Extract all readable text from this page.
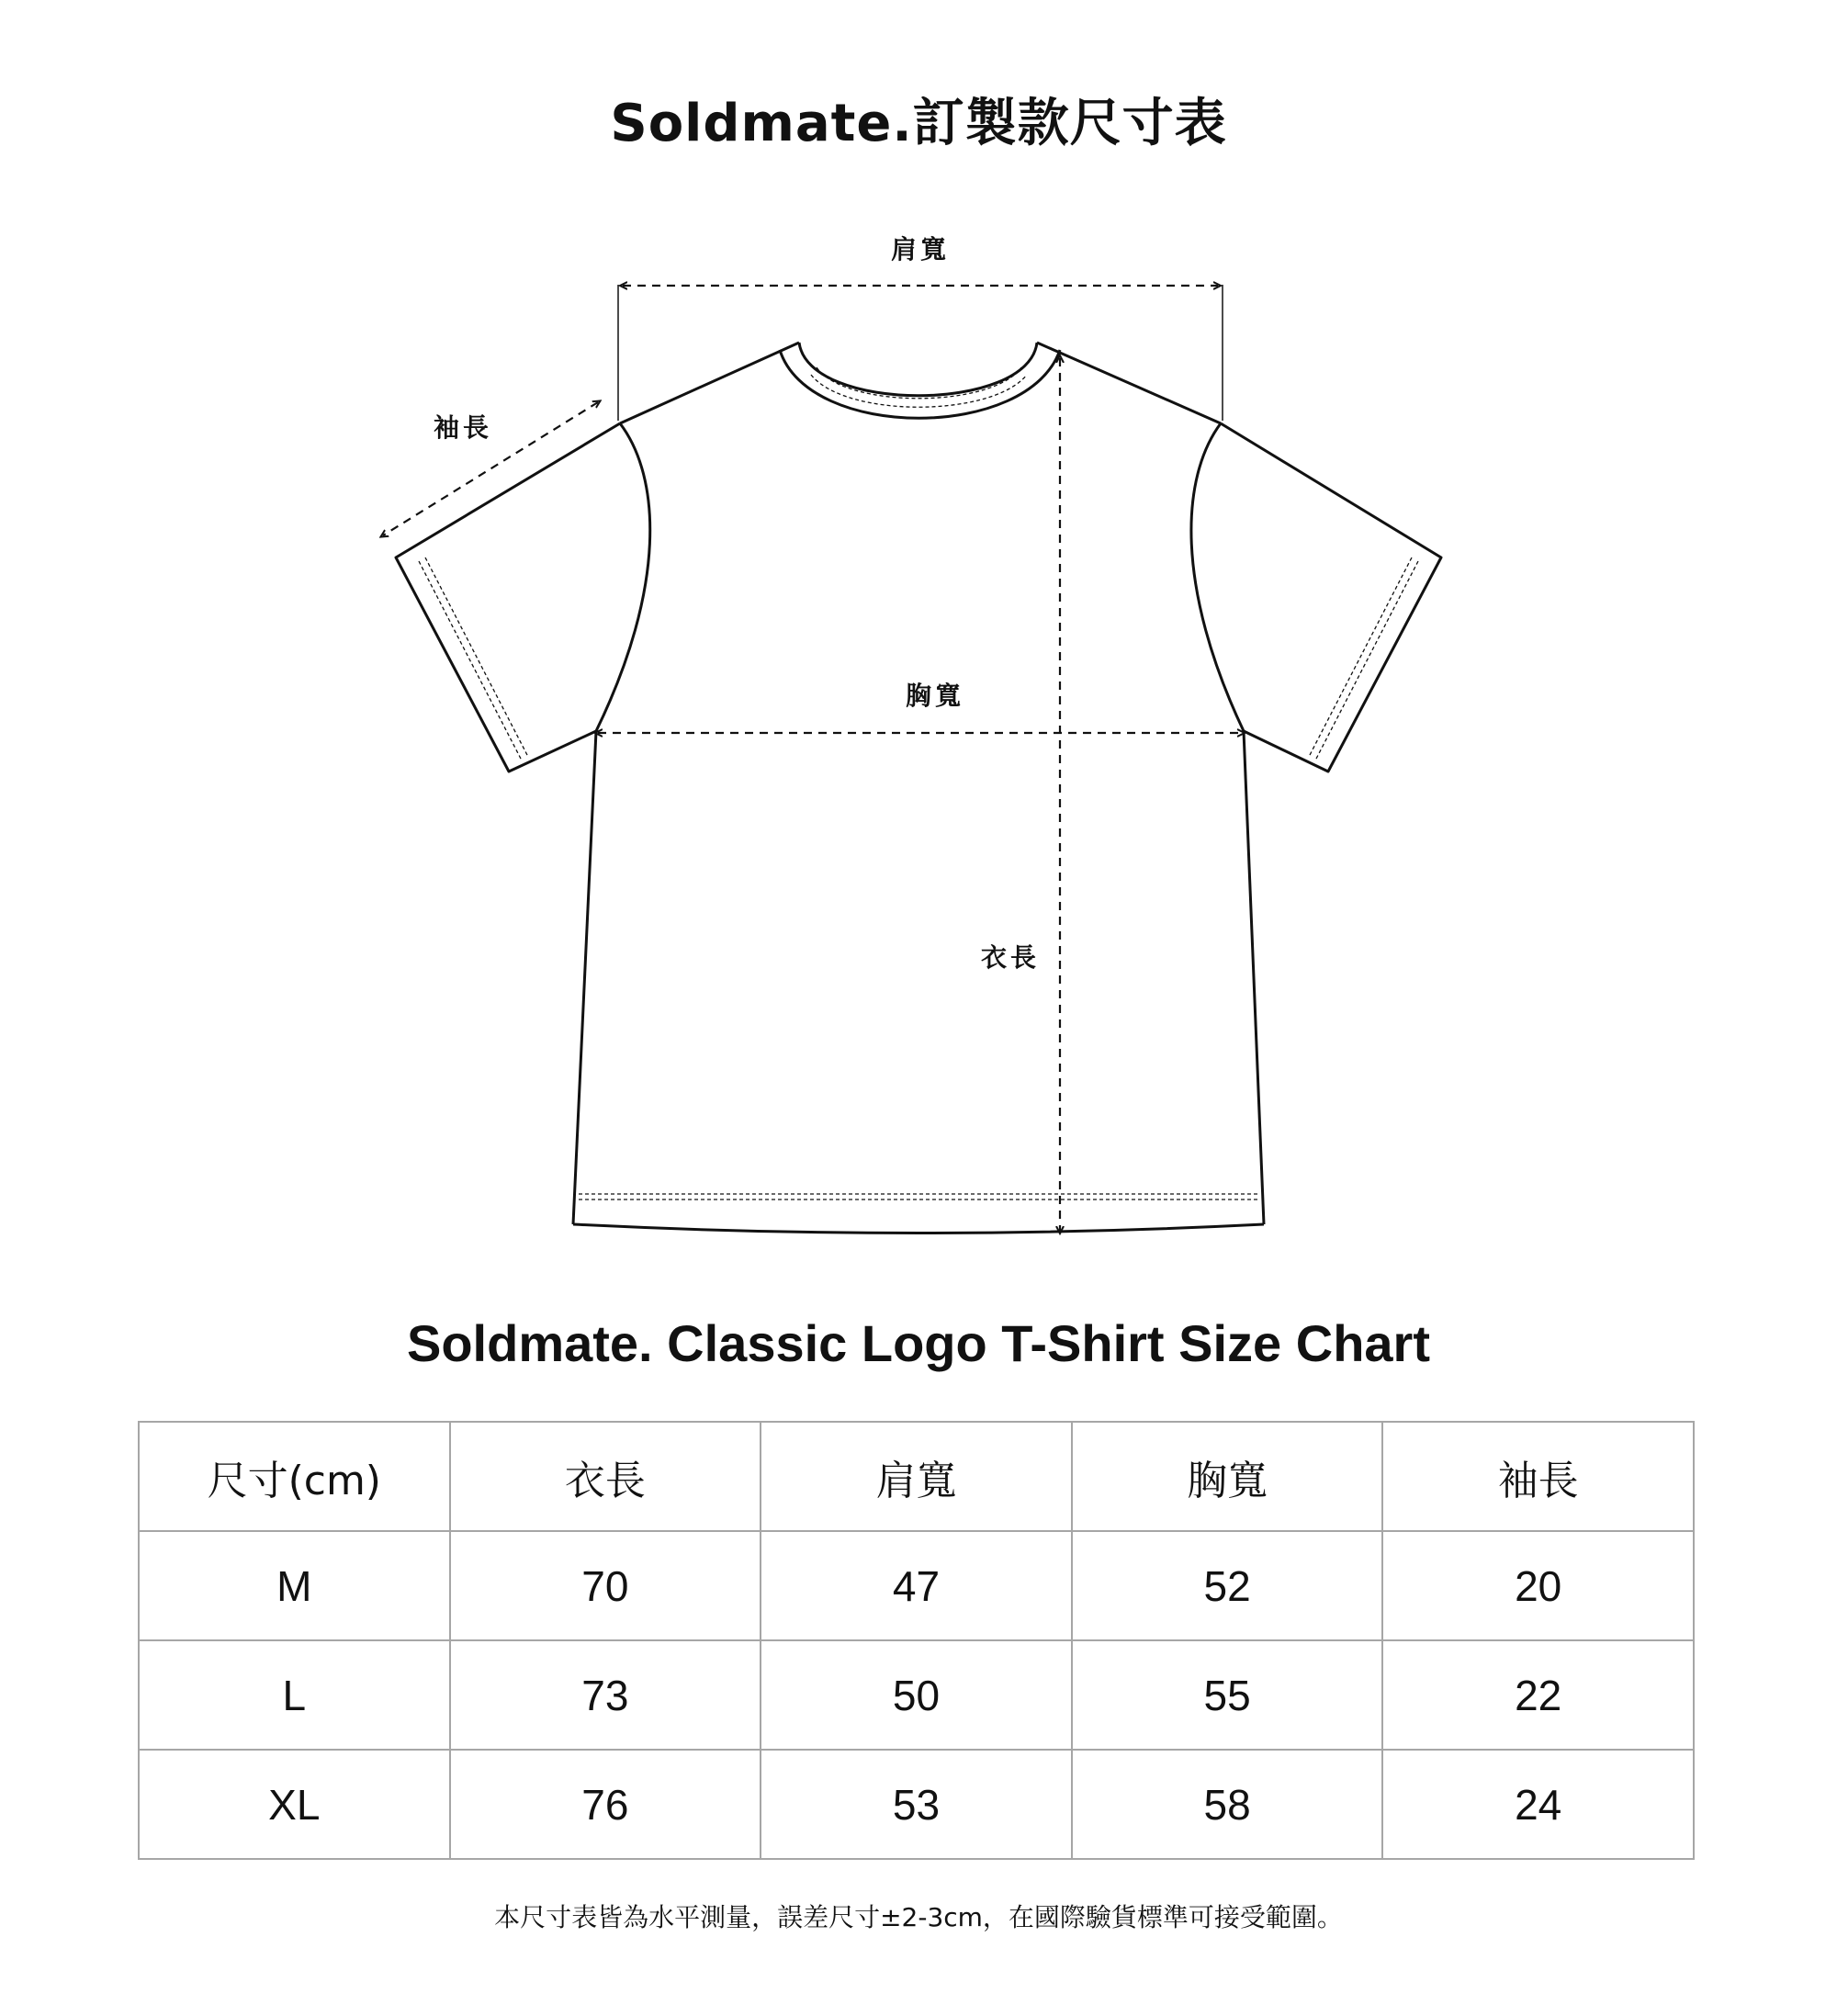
Soldmate.訂製款尺寸表
肩寬
袖長
胸寬
衣長
Soldmate. Classic Logo T-Shirt Size Chart
尺寸(cm)	衣長	肩寬	胸寬	袖長
M	70	47	52	20
L	73	50	55	22
XL	76	53	58	24
本尺寸表皆為水平測量，誤差尺寸±2-3cm，在國際驗貨標準可接受範圍。
